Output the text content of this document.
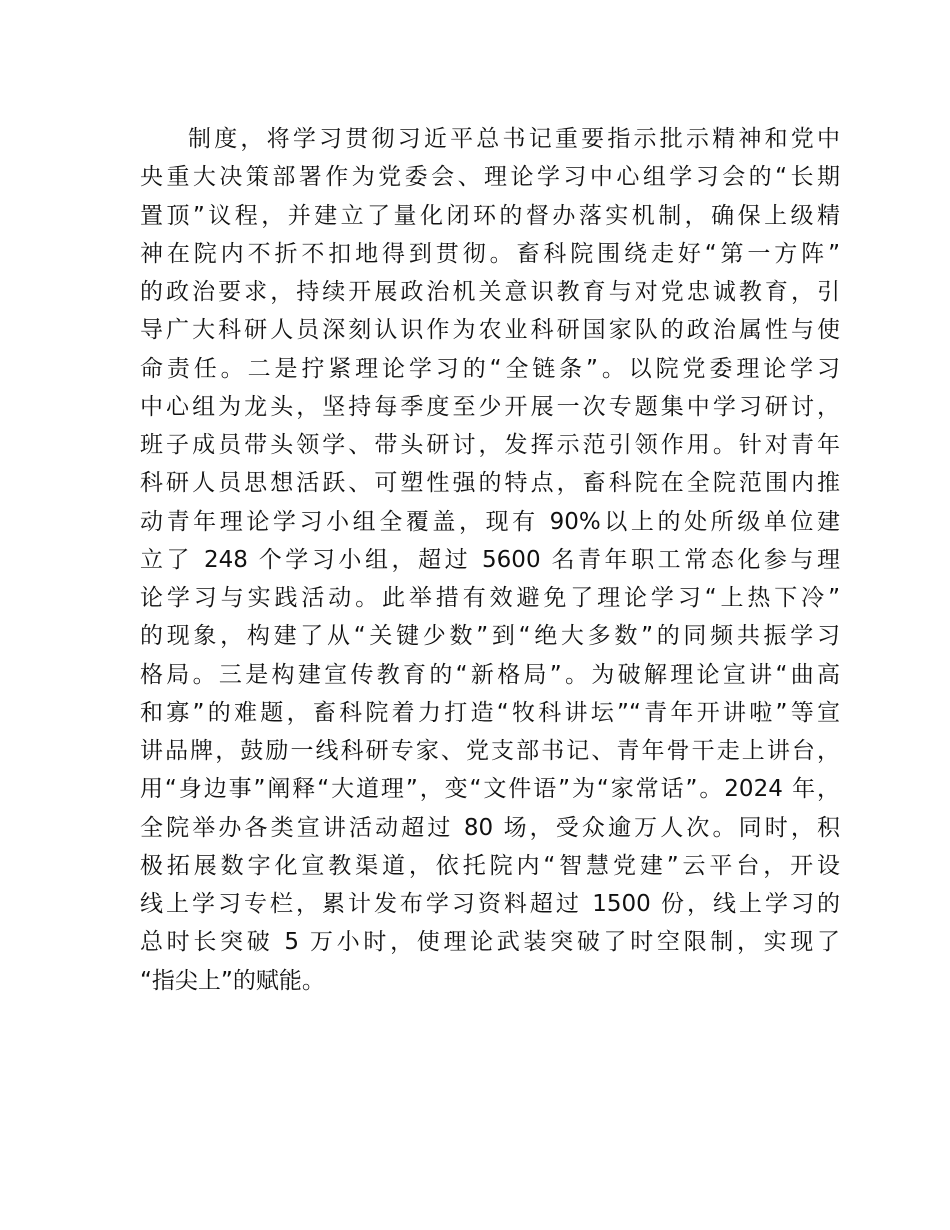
制度，将学习贯彻习近平总书记重要指示批示精神和党中
央重大决策部署作为党委会、理论学习中心组学习会的“长期
置顶”议程，并建立了量化闭环的督办落实机制，确保上级精
神在院内不折不扣地得到贯彻。畜科院围绕走好“第一方阵”
的政治要求，持续开展政治机关意识教育与对党忠诚教育，引
导广大科研人员深刻认识作为农业科研国家队的政治属性与使
命责任。二是拧紧理论学习的“全链条”。以院党委理论学习
中心组为龙头，坚持每季度至少开展一次专题集中学习研讨，
班子成员带头领学、带头研讨，发挥示范引领作用。针对青年
科研人员思想活跃、可塑性强的特点，畜科院在全院范围内推
动青年理论学习小组全覆盖，现有 90%以上的处所级单位建
立了 248 个学习小组，超过 5600 名青年职工常态化参与理
论学习与实践活动。此举措有效避免了理论学习“上热下冷”
的现象，构建了从“关键少数”到“绝大多数”的同频共振学习
格局。三是构建宣传教育的“新格局”。为破解理论宣讲“曲高
和寡”的难题，畜科院着力打造“牧科讲坛”“青年开讲啦”等宣
讲品牌，鼓励一线科研专家、党支部书记、青年骨干走上讲台，
用“身边事”阐释“大道理”，变“文件语”为“家常话”。2024 年，
全院举办各类宣讲活动超过 80 场，受众逾万人次。同时，积
极拓展数字化宣教渠道，依托院内“智慧党建”云平台，开设
线上学习专栏，累计发布学习资料超过 1500 份，线上学习的
总时长突破 5 万小时，使理论武装突破了时空限制，实现了
“指尖上”的赋能。
